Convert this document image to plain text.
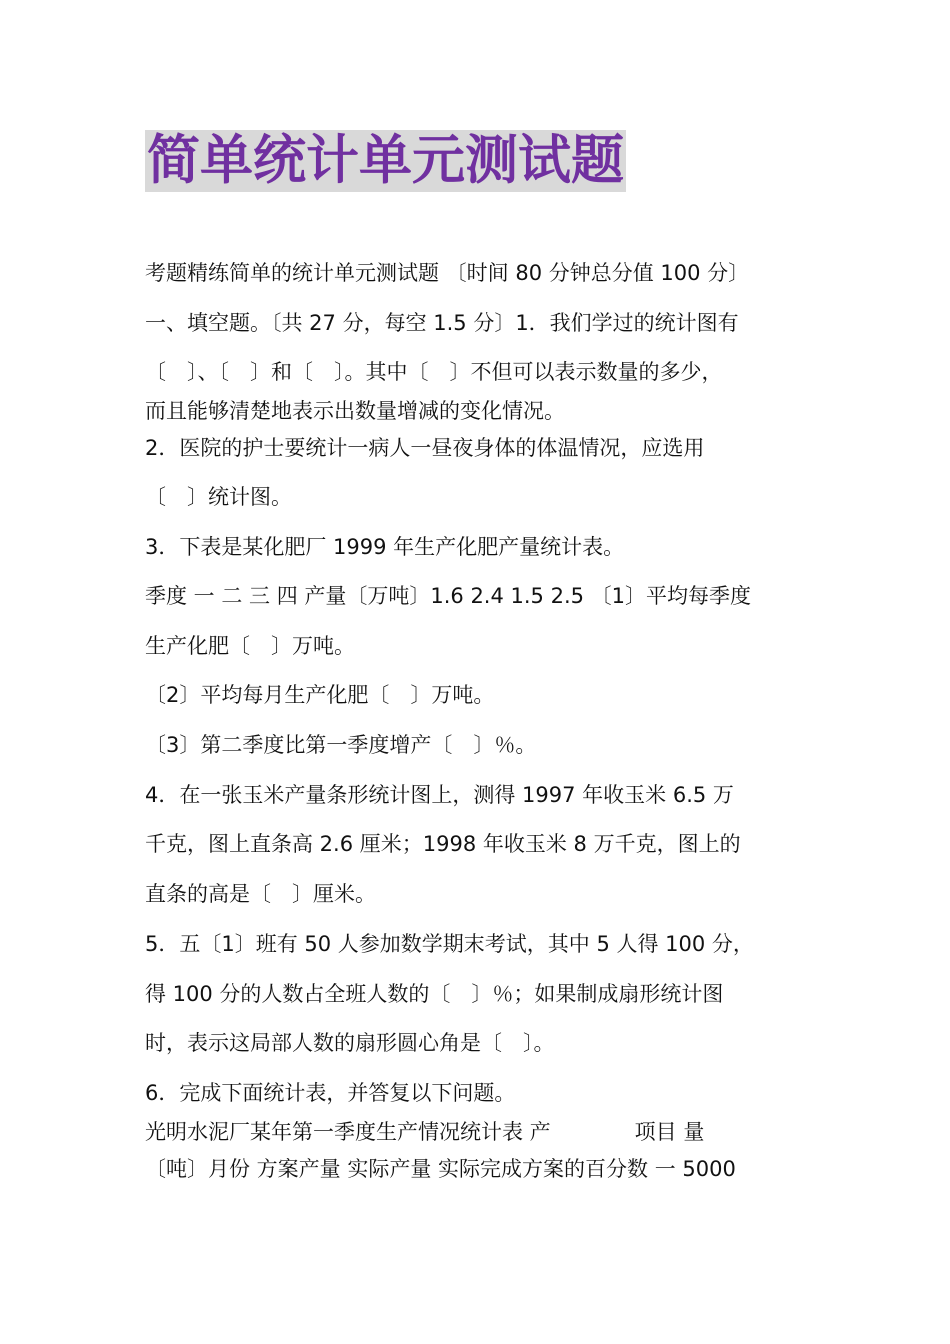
简单统计单元测试题
考题精练简单的统计单元测试题 〔时间 80 分钟总分值 100 分〕
一、填空题。〔共 27 分，每空 1.5 分〕1．我们学过的统计图有
〔　〕、〔　〕和〔　〕。其中〔　〕不但可以表示数量的多少，
而且能够清楚地表示出数量增减的变化情况。
2．医院的护士要统计一病人一昼夜身体的体温情况，应选用
〔　〕统计图。
3．下表是某化肥厂 1999 年生产化肥产量统计表。
季度 一 二 三 四 产量〔万吨〕1.6 2.4 1.5 2.5 〔1〕平均每季度
生产化肥〔　〕万吨。
〔2〕平均每月生产化肥〔　〕万吨。
〔3〕第二季度比第一季度增产〔　〕％。
4．在一张玉米产量条形统计图上，测得 1997 年收玉米 6.5 万
千克，图上直条高 2.6 厘米；1998 年收玉米 8 万千克，图上的
直条的高是〔　〕厘米。
5．五〔1〕班有 50 人参加数学期末考试，其中 5 人得 100 分，
得 100 分的人数占全班人数的〔　〕％；如果制成扇形统计图
时，表示这局部人数的扇形圆心角是〔　〕。
6．完成下面统计表，并答复以下问题。
光明水泥厂某年第一季度生产情况统计表 产　　　　项目 量
〔吨〕月份 方案产量 实际产量 实际完成方案的百分数 一 5000
